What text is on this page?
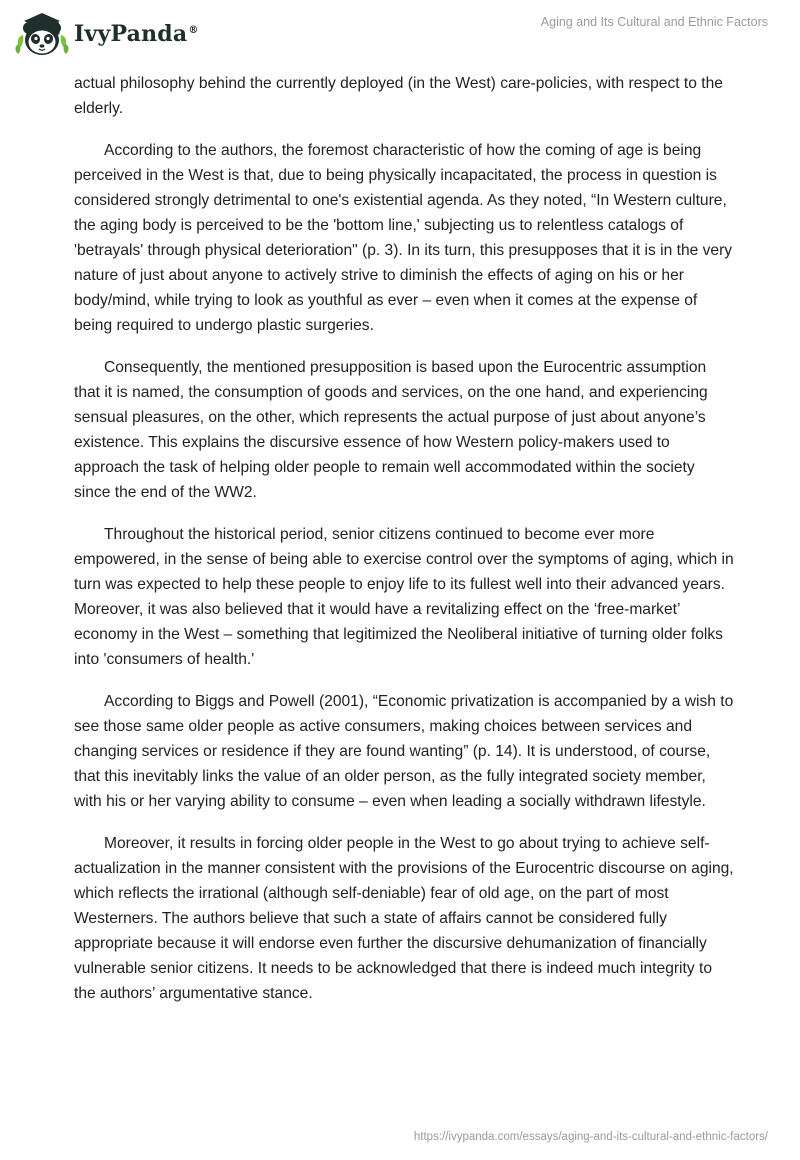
IvyPanda®
Aging and Its Cultural and Ethnic Factors

actual philosophy behind the currently deployed (in the West) care-policies, with respect to the elderly.

According to the authors, the foremost characteristic of how the coming of age is being perceived in the West is that, due to being physically incapacitated, the process in question is considered strongly detrimental to one's existential agenda. As they noted, “In Western culture, the aging body is perceived to be the 'bottom line,' subjecting us to relentless catalogs of 'betrayals' through physical deterioration" (p. 3). In its turn, this presupposes that it is in the very nature of just about anyone to actively strive to diminish the effects of aging on his or her body/mind, while trying to look as youthful as ever – even when it comes at the expense of being required to undergo plastic surgeries.

Consequently, the mentioned presupposition is based upon the Eurocentric assumption that it is named, the consumption of goods and services, on the one hand, and experiencing sensual pleasures, on the other, which represents the actual purpose of just about anyone’s existence. This explains the discursive essence of how Western policy-makers used to approach the task of helping older people to remain well accommodated within the society since the end of the WW2.

Throughout the historical period, senior citizens continued to become ever more empowered, in the sense of being able to exercise control over the symptoms of aging, which in turn was expected to help these people to enjoy life to its fullest well into their advanced years. Moreover, it was also believed that it would have a revitalizing effect on the ‘free-market’ economy in the West – something that legitimized the Neoliberal initiative of turning older folks into 'consumers of health.'

According to Biggs and Powell (2001), “Economic privatization is accompanied by a wish to see those same older people as active consumers, making choices between services and changing services or residence if they are found wanting” (p. 14). It is understood, of course, that this inevitably links the value of an older person, as the fully integrated society member, with his or her varying ability to consume – even when leading a socially withdrawn lifestyle.

Moreover, it results in forcing older people in the West to go about trying to achieve self-actualization in the manner consistent with the provisions of the Eurocentric discourse on aging, which reflects the irrational (although self-deniable) fear of old age, on the part of most Westerners. The authors believe that such a state of affairs cannot be considered fully appropriate because it will endorse even further the discursive dehumanization of financially vulnerable senior citizens. It needs to be acknowledged that there is indeed much integrity to the authors’ argumentative stance.

https://ivypanda.com/essays/aging-and-its-cultural-and-ethnic-factors/
